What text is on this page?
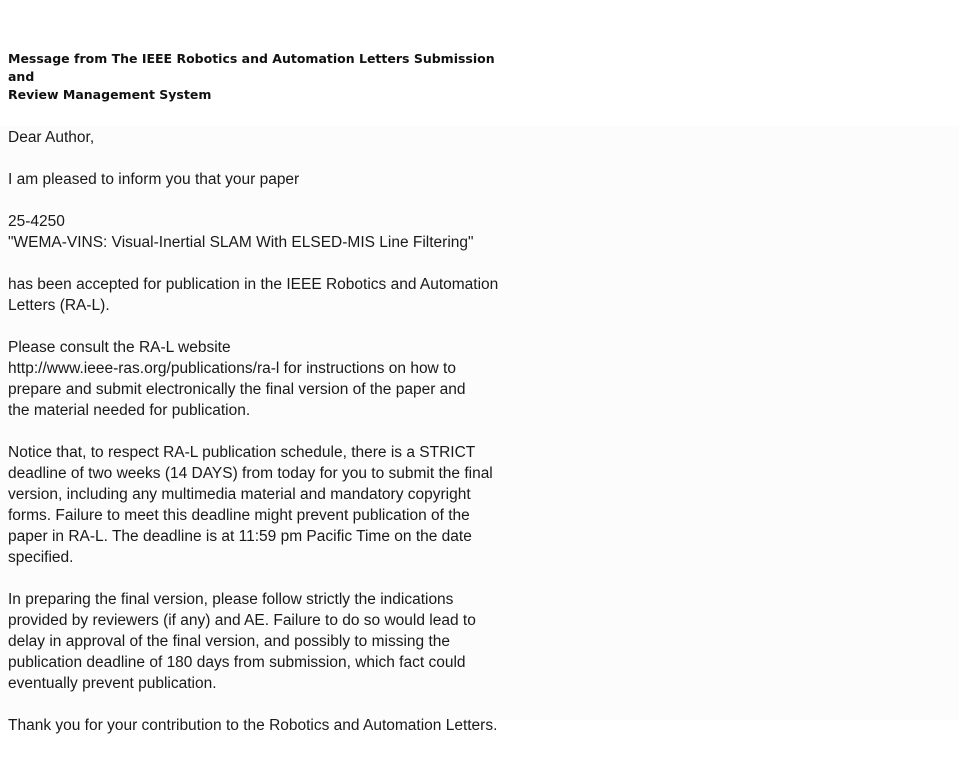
Message from The IEEE Robotics and Automation Letters Submission and
Review Management System
Dear Author,
I am pleased to inform you that your paper
25-4250
"WEMA-VINS: Visual-Inertial SLAM With ELSED-MIS Line Filtering"
has been accepted for publication in the IEEE Robotics and Automation
Letters (RA-L).
Please consult the RA-L website
http://www.ieee-ras.org/publications/ra-l for instructions on how to
prepare and submit electronically the final version of the paper and
the material needed for publication.
Notice that, to respect RA-L publication schedule, there is a STRICT
deadline of two weeks (14 DAYS) from today for you to submit the final
version, including any multimedia material and mandatory copyright
forms. Failure to meet this deadline might prevent publication of the
paper in RA-L. The deadline is at 11:59 pm Pacific Time on the date
specified.
In preparing the final version, please follow strictly the indications
provided by reviewers (if any) and AE. Failure to do so would lead to
delay in approval of the final version, and possibly to missing the
publication deadline of 180 days from submission, which fact could
eventually prevent publication.
Thank you for your contribution to the Robotics and Automation Letters.
